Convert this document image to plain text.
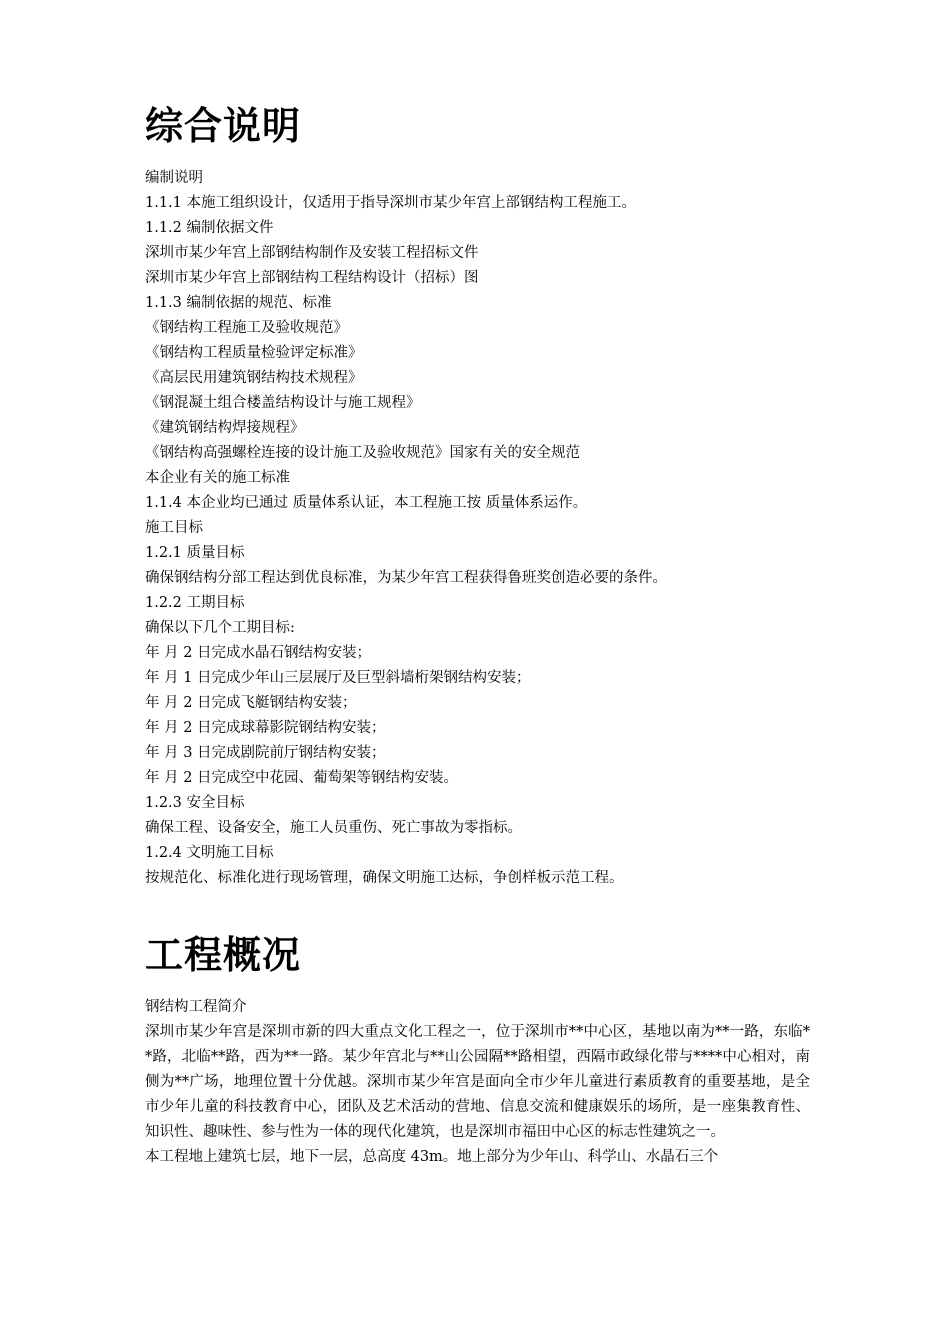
综合说明
编制说明
1.1.1 本施工组织设计，仅适用于指导深圳市某少年宫上部钢结构工程施工。
1.1.2 编制依据文件
深圳市某少年宫上部钢结构制作及安装工程招标文件
深圳市某少年宫上部钢结构工程结构设计（招标）图
1.1.3 编制依据的规范、标准
《钢结构工程施工及验收规范》
《钢结构工程质量检验评定标准》
《高层民用建筑钢结构技术规程》
《钢混凝土组合楼盖结构设计与施工规程》
《建筑钢结构焊接规程》
《钢结构高强螺栓连接的设计施工及验收规范》国家有关的安全规范
本企业有关的施工标准
1.1.4 本企业均已通过 质量体系认证，本工程施工按 质量体系运作。
施工目标
1.2.1 质量目标
确保钢结构分部工程达到优良标准，为某少年宫工程获得鲁班奖创造必要的条件。
1.2.2 工期目标
确保以下几个工期目标:
年 月 2 日完成水晶石钢结构安装；
年 月 1 日完成少年山三层展厅及巨型斜墙桁架钢结构安装；
年 月 2 日完成飞艇钢结构安装；
年 月 2 日完成球幕影院钢结构安装；
年 月 3 日完成剧院前厅钢结构安装；
年 月 2 日完成空中花园、葡萄架等钢结构安装。
1.2.3 安全目标
确保工程、设备安全，施工人员重伤、死亡事故为零指标。
1.2.4 文明施工目标
按规范化、标准化进行现场管理，确保文明施工达标，争创样板示范工程。
工程概况
钢结构工程简介
深圳市某少年宫是深圳市新的四大重点文化工程之一，位于深圳市**中心区，基地以南为**一路，东临**路，北临**路，西为**一路。某少年宫北与**山公园隔**路相望，西隔市政绿化带与****中心相对，南侧为**广场，地理位置十分优越。深圳市某少年宫是面向全市少年儿童进行素质教育的重要基地，是全市少年儿童的科技教育中心，团队及艺术活动的营地、信息交流和健康娱乐的场所，是一座集教育性、知识性、趣味性、参与性为一体的现代化建筑，也是深圳市福田中心区的标志性建筑之一。
本工程地上建筑七层，地下一层，总高度 43m。地上部分为少年山、科学山、水晶石三个
